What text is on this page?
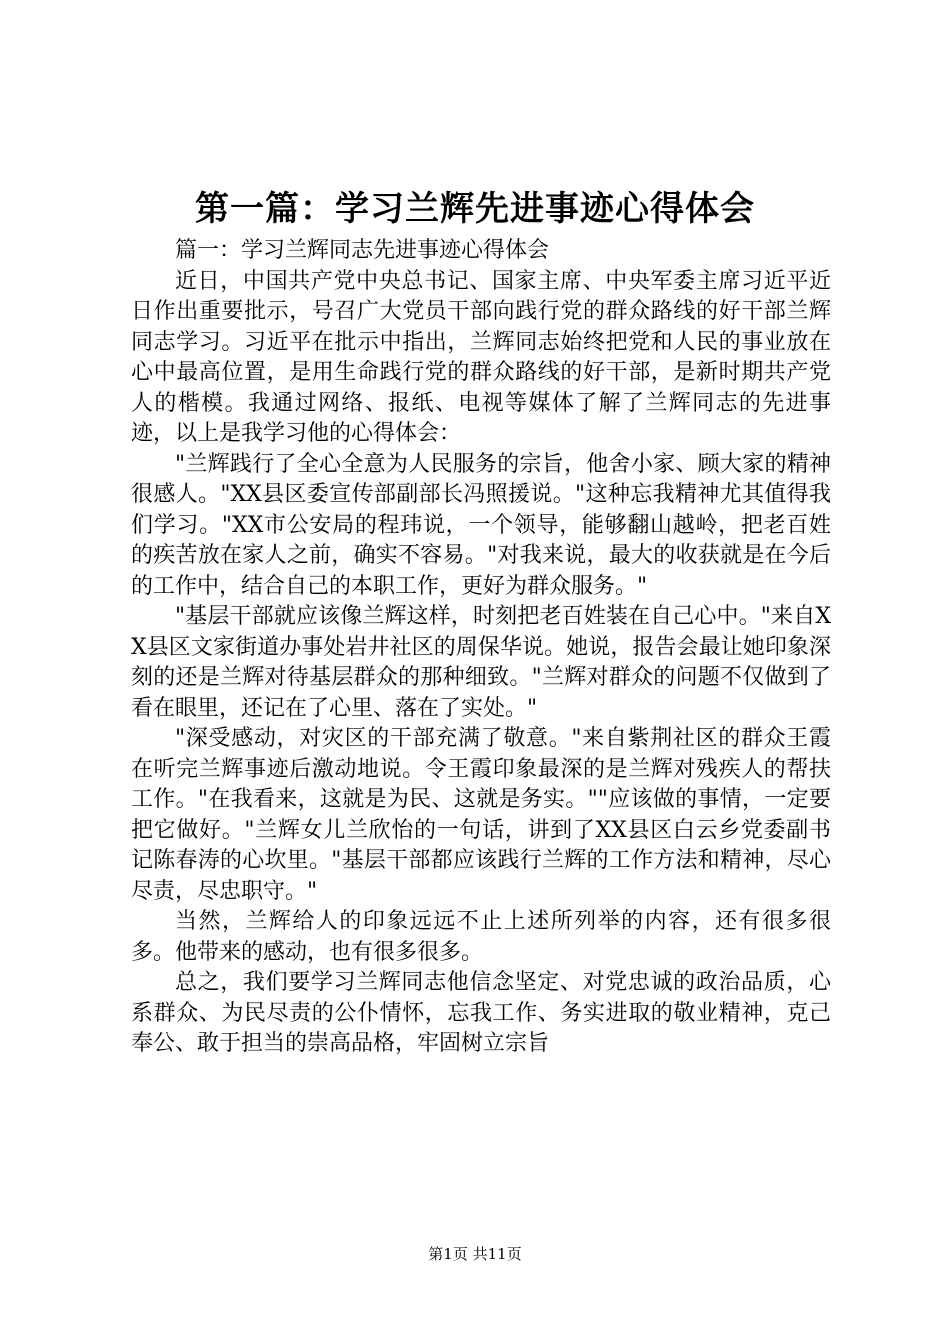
第一篇：学习兰辉先进事迹心得体会

篇一：学习兰辉同志先进事迹心得体会

近日，中国共产党中央总书记、国家主席、中央军委主席习近平近日作出重要批示，号召广大党员干部向践行党的群众路线的好干部兰辉同志学习。习近平在批示中指出，兰辉同志始终把党和人民的事业放在心中最高位置，是用生命践行党的群众路线的好干部，是新时期共产党人的楷模。我通过网络、报纸、电视等媒体了解了兰辉同志的先进事迹，以上是我学习他的心得体会：

"兰辉践行了全心全意为人民服务的宗旨，他舍小家、顾大家的精神很感人。"XX县区委宣传部副部长冯照援说。"这种忘我精神尤其值得我们学习。"XX市公安局的程玮说，一个领导，能够翻山越岭，把老百姓的疾苦放在家人之前，确实不容易。"对我来说，最大的收获就是在今后的工作中，结合自己的本职工作，更好为群众服务。"

"基层干部就应该像兰辉这样，时刻把老百姓装在自己心中。"来自XX县区文家街道办事处岩井社区的周保华说。她说，报告会最让她印象深刻的还是兰辉对待基层群众的那种细致。"兰辉对群众的问题不仅做到了看在眼里，还记在了心里、落在了实处。"

"深受感动，对灾区的干部充满了敬意。"来自紫荆社区的群众王霞在听完兰辉事迹后激动地说。令王霞印象最深的是兰辉对残疾人的帮扶工作。"在我看来，这就是为民、这就是务实。""应该做的事情，一定要把它做好。"兰辉女儿兰欣怡的一句话，讲到了XX县区白云乡党委副书记陈春涛的心坎里。"基层干部都应该践行兰辉的工作方法和精神，尽心尽责，尽忠职守。"

当然，兰辉给人的印象远远不止上述所列举的内容，还有很多很多。他带来的感动，也有很多很多。

总之，我们要学习兰辉同志他信念坚定、对党忠诚的政治品质，心系群众、为民尽责的公仆情怀，忘我工作、务实进取的敬业精神，克己奉公、敢于担当的崇高品格，牢固树立宗旨

第1页 共11页
